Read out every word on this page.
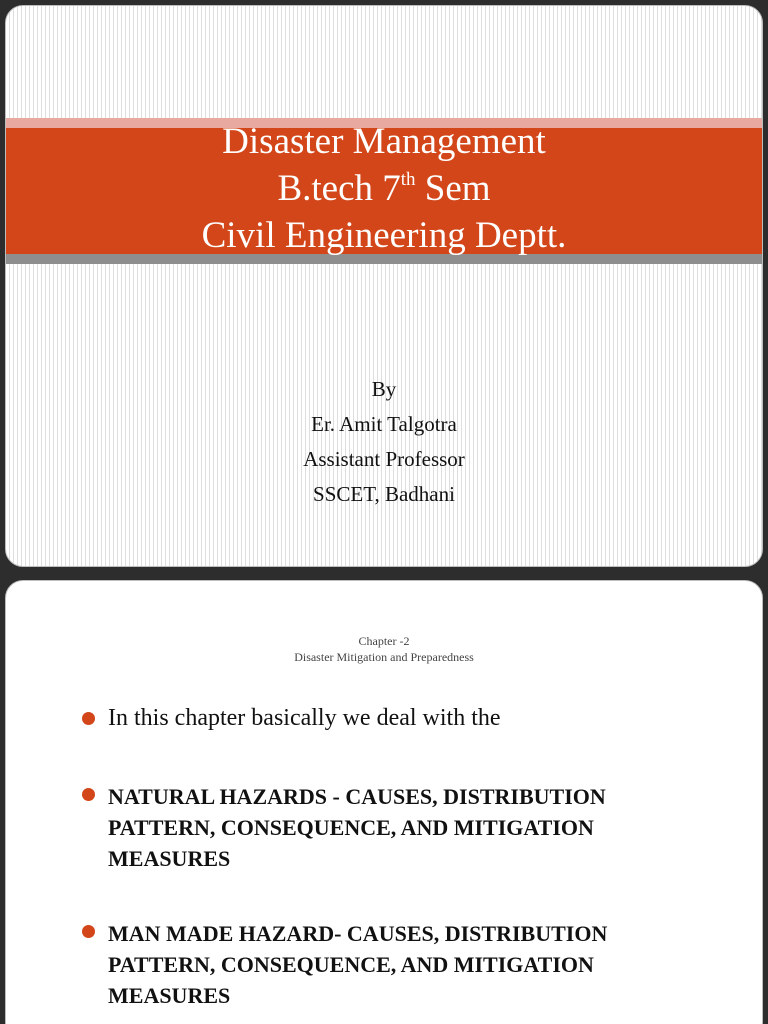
Disaster Management
B.tech 7th Sem
Civil Engineering Deptt.
By
Er. Amit Talgotra
Assistant Professor
SSCET, Badhani
Chapter -2
Disaster Mitigation and Preparedness
In this chapter basically we deal with the
NATURAL HAZARDS - CAUSES, DISTRIBUTION PATTERN, CONSEQUENCE, AND MITIGATION MEASURES
MAN MADE HAZARD- CAUSES, DISTRIBUTION PATTERN, CONSEQUENCE, AND MITIGATION MEASURES
